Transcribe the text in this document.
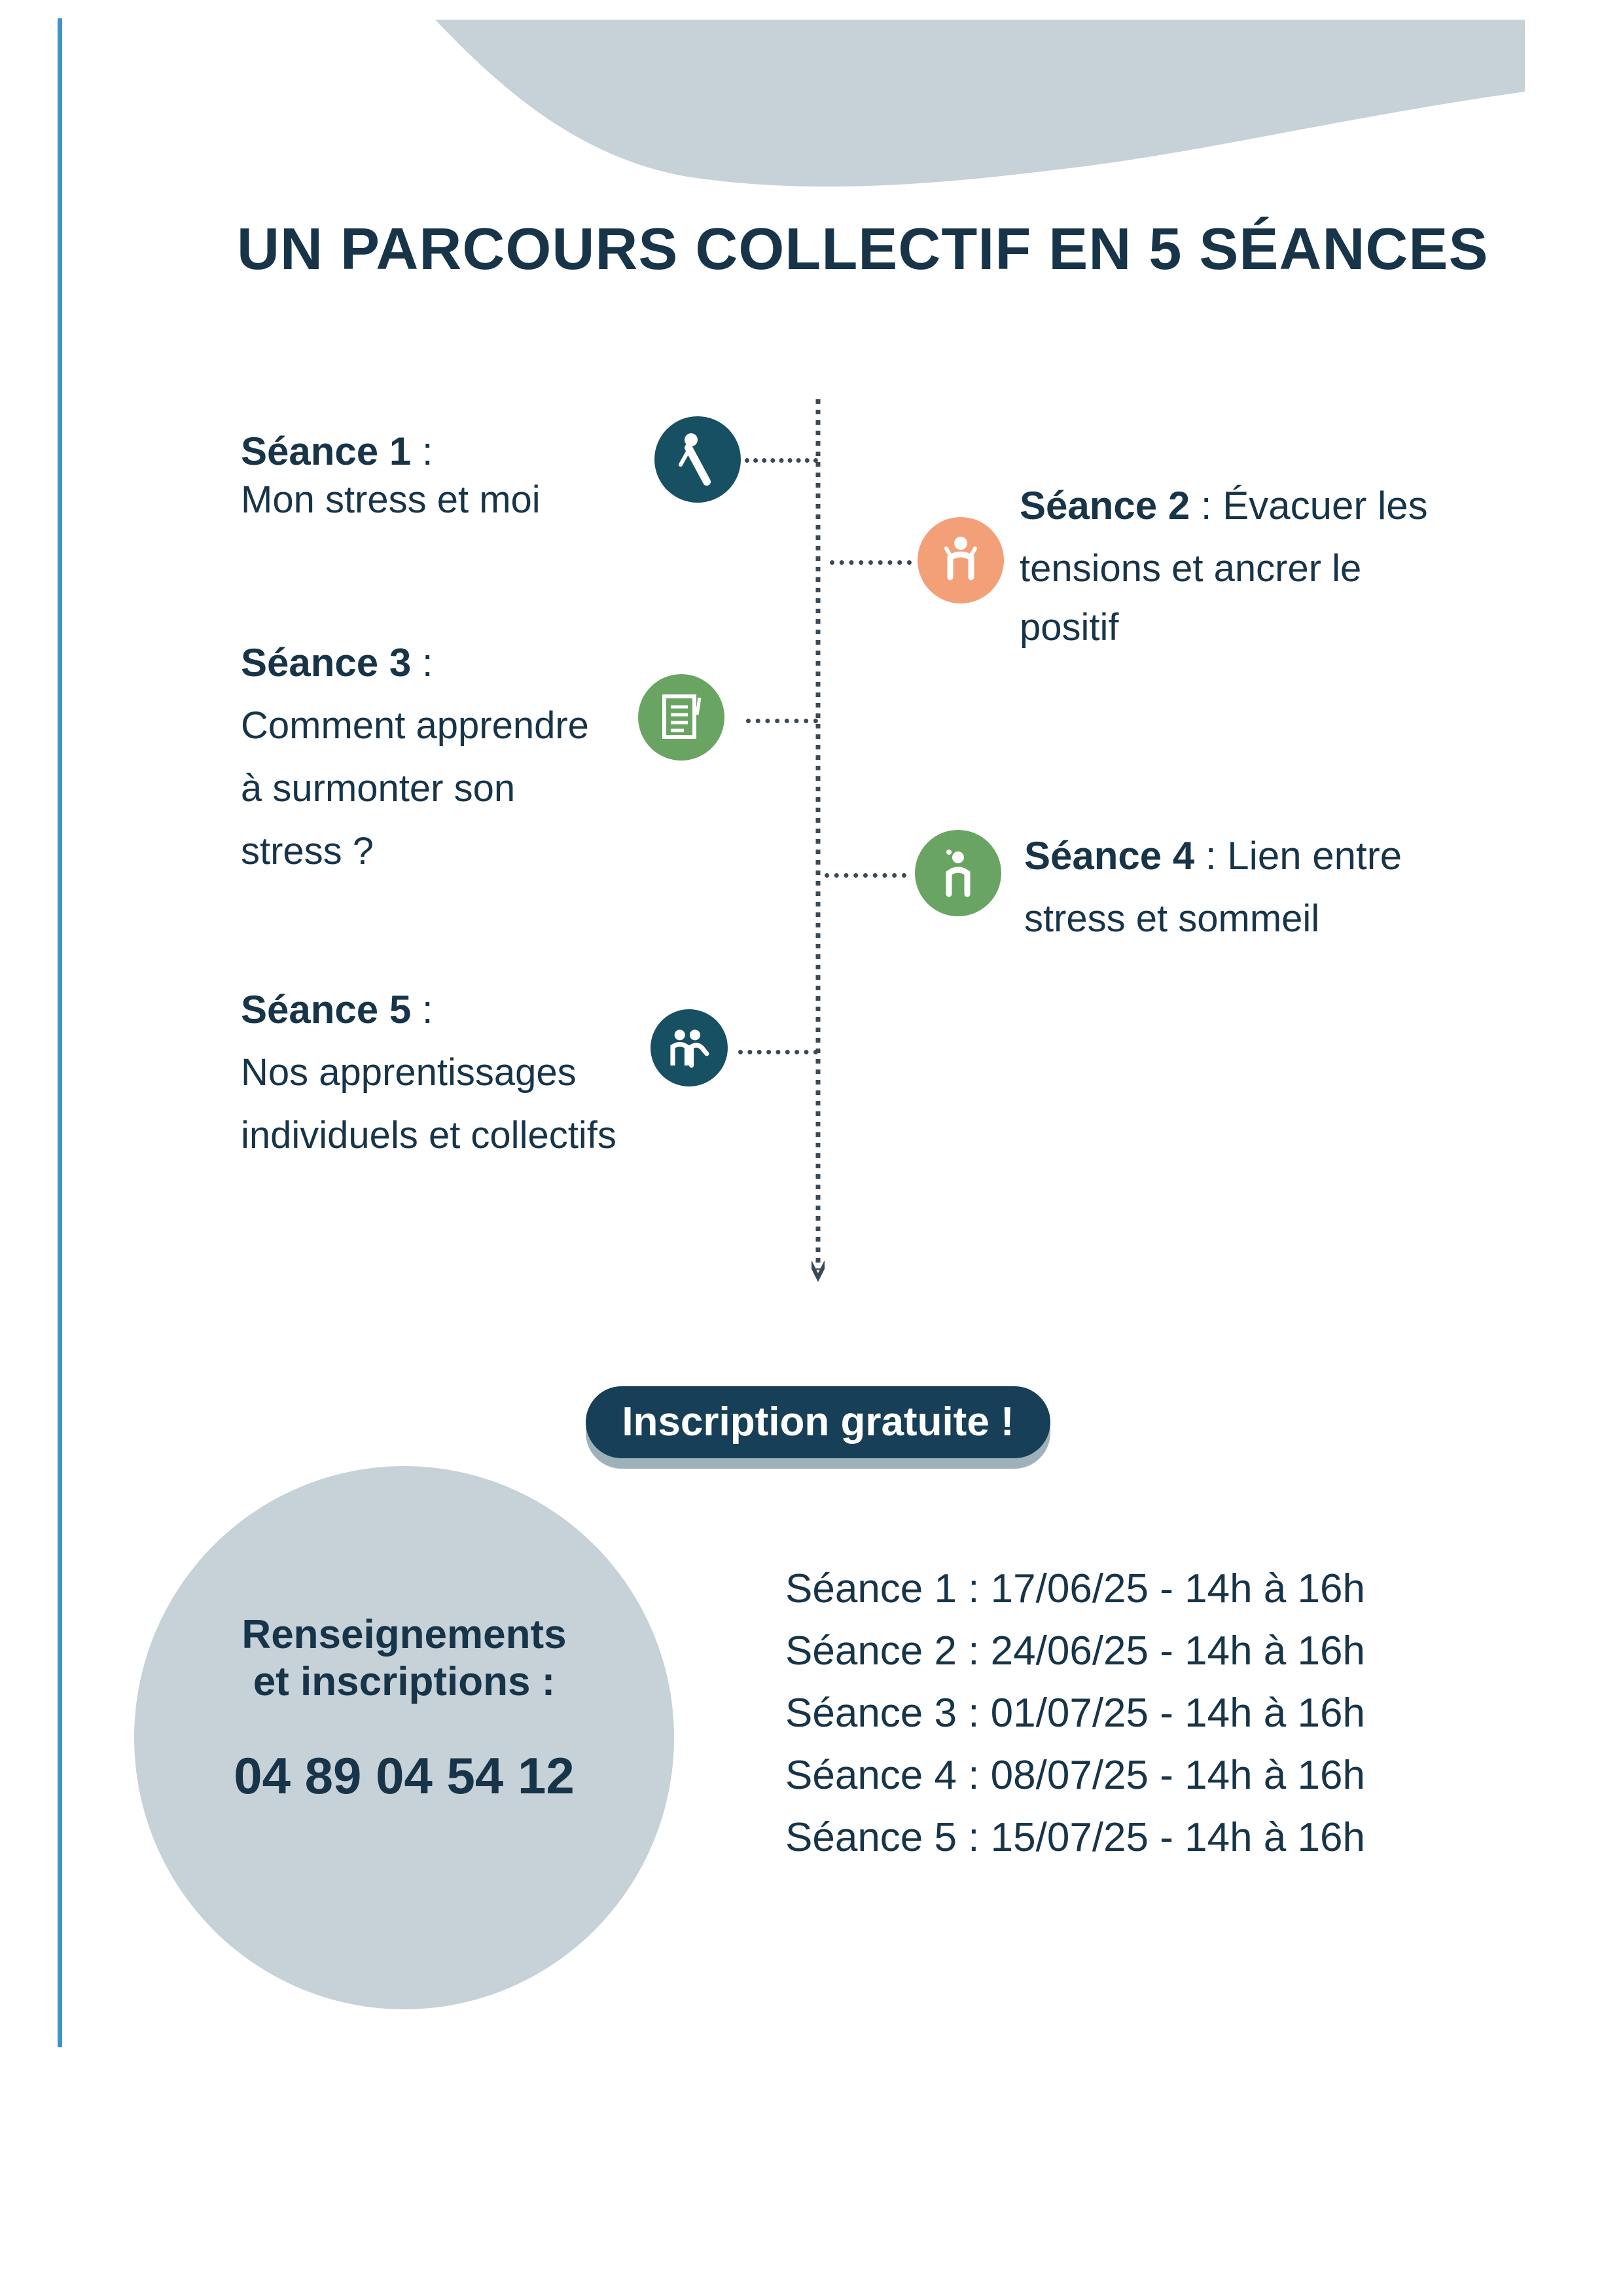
UN PARCOURS COLLECTIF EN 5 SÉANCES
Séance 1 :
Mon stress et moi	Séance 2 : Évacuer les
tensions et ancrer le
positif
Séance 3 :
Comment apprendre
à surmonter son
stress ?	Séance 4 : Lien entre
stress et sommeil
Séance 5 :
Nos apprentissages
individuels et collectifs
Inscription gratuite !
Renseignements
et inscriptions :
04 89 04 54 12
Séance 1 : 17/06/25 - 14h à 16h
Séance 2 : 24/06/25 - 14h à 16h
Séance 3 : 01/07/25 - 14h à 16h
Séance 4 : 08/07/25 - 14h à 16h
Séance 5 : 15/07/25 - 14h à 16h
